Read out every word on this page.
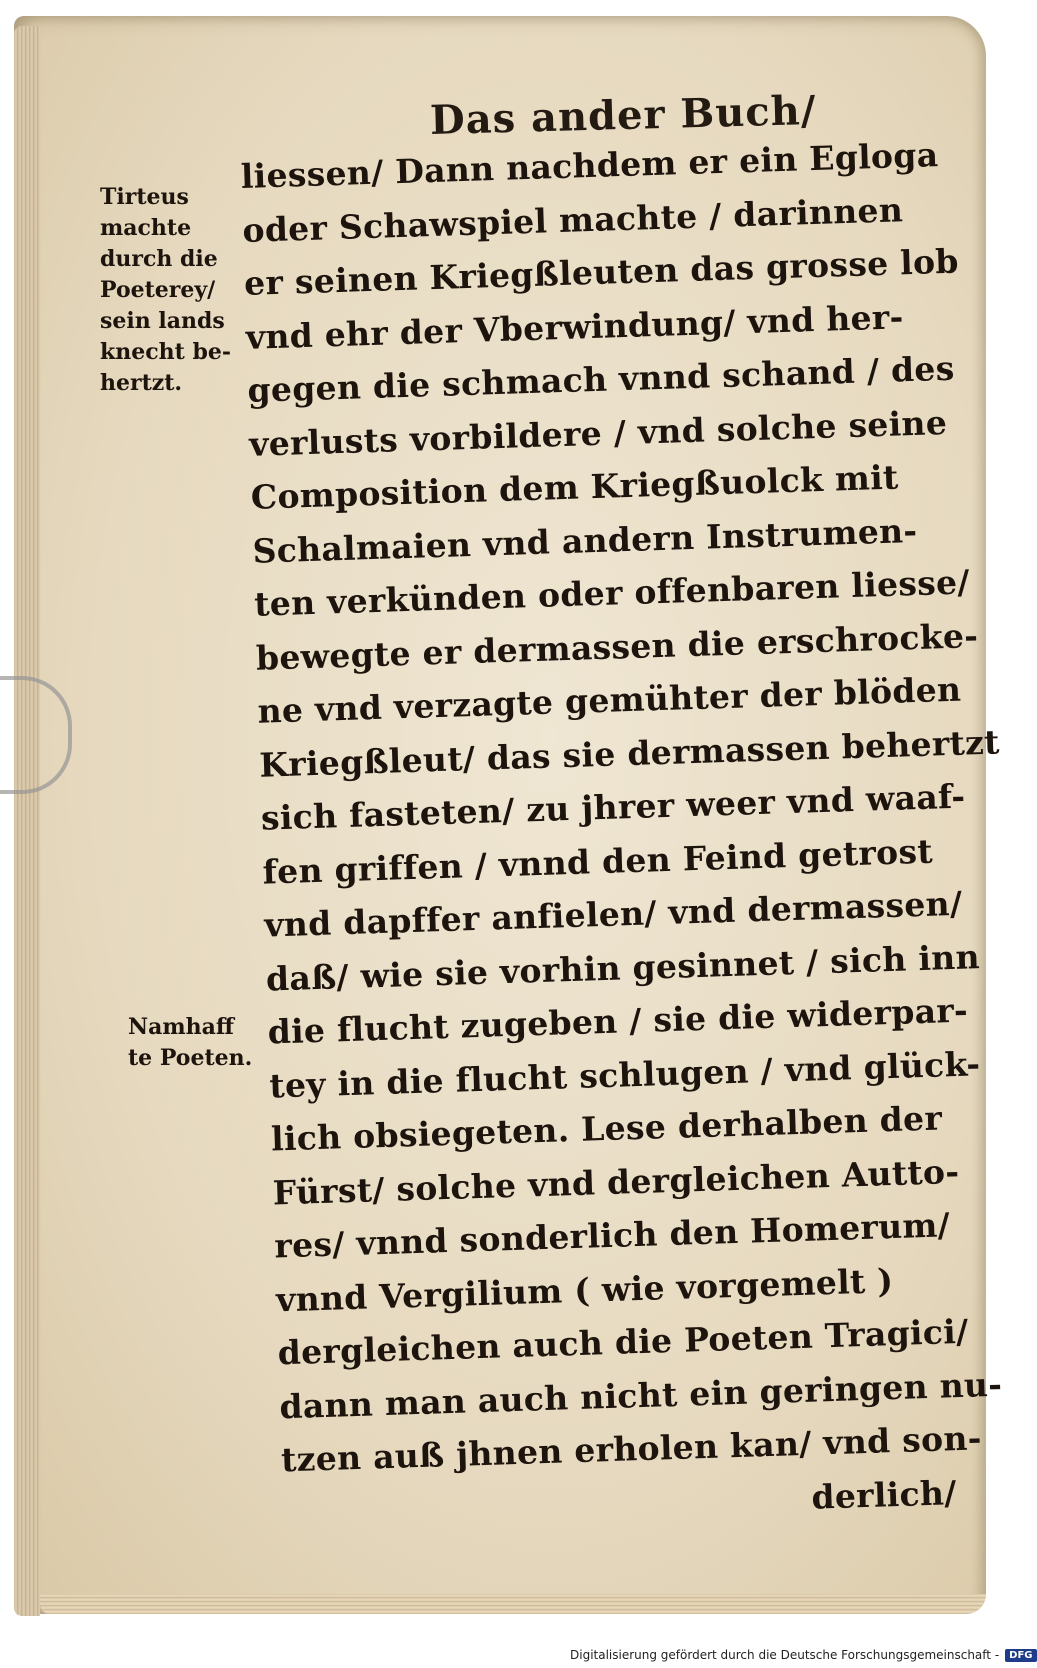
Das ander Buch/
Tirteus
machte
durch die
Poeterey/
sein lands
knecht be-
hertzt.
Namhaff
te Poeten.
liessen/ Dann nachdem er ein Egloga
oder Schawspiel machte / darinnen
er seinen Kriegßleuten das grosse lob
vnd ehr der Vberwindung/ vnd her-
gegen die schmach vnnd schand / des
verlusts vorbildere / vnd solche seine
Composition dem Kriegßuolck mit
Schalmaien vnd andern Instrumen-
ten verkünden oder offenbaren liesse/
bewegte er dermassen die erschrocke-
ne vnd verzagte gemühter der blöden
Kriegßleut/ das sie dermassen behertzt
sich fasteten/ zu jhrer weer vnd waaf-
fen griffen / vnnd den Feind getrost
vnd dapffer anfielen/ vnd dermassen/
daß/ wie sie vorhin gesinnet / sich inn
die flucht zugeben / sie die widerpar-
tey in die flucht schlugen / vnd glück-
lich obsiegeten. Lese derhalben der
Fürst/ solche vnd dergleichen Autto-
res/ vnnd sonderlich den Homerum/
vnnd Vergilium ( wie vorgemelt )
dergleichen auch die Poeten Tragici/
dann man auch nicht ein geringen nu-
tzen auß jhnen erholen kan/ vnd son-
derlich/
Digitalisierung gefördert durch die Deutsche Forschungsgemeinschaft -	DFG
